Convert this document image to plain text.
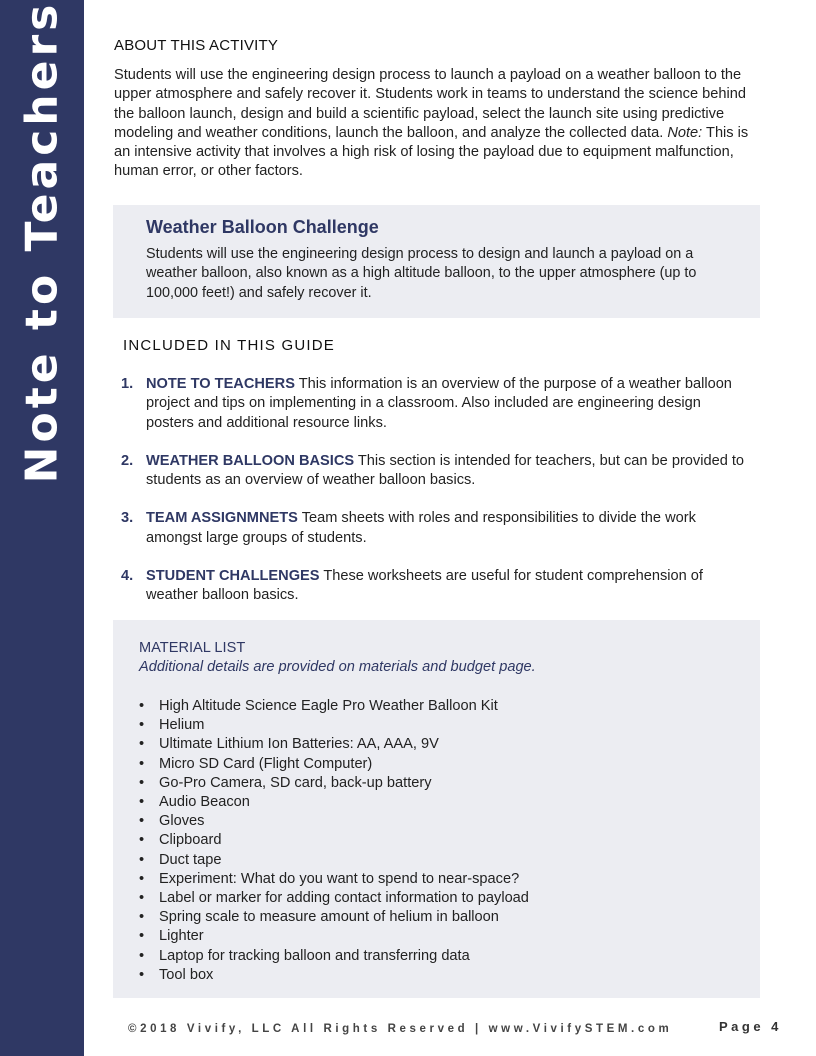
Note to Teachers	ABOUT THIS ACTIVITY

Students will use the engineering design process to launch a payload on a weather balloon to the upper atmosphere and safely recover it. Students work in teams to understand the science behind the balloon launch, design and build a scientific payload, select the launch site using predictive modeling and weather conditions, launch the balloon, and analyze the collected data. Note: This is an intensive activity that involves a high risk of losing the payload due to equipment malfunction, human error, or other factors.

Weather Balloon Challenge

Students will use the engineering design process to design and launch a payload on a weather balloon, also known as a high altitude balloon, to the upper atmosphere (up to 100,000 feet!) and safely recover it.

INCLUDED IN THIS GUIDE
1. NOTE TO TEACHERS This information is an overview of the purpose of a weather balloon project and tips on implementing in a classroom. Also included are engineering design posters and additional resource links.
2. WEATHER BALLOON BASICS This section is intended for teachers, but can be provided to students as an overview of weather balloon basics.
3. TEAM ASSIGNMNETS Team sheets with roles and responsibilities to divide the work amongst large groups of students.
4. STUDENT CHALLENGES These worksheets are useful for student comprehension of weather balloon basics.

MATERIAL LIST

Additional details are provided on materials and budget page.

• High Altitude Science Eagle Pro Weather Balloon Kit
• Helium
• Ultimate Lithium Ion Batteries: AA, AAA, 9V
• Micro SD Card (Flight Computer)
• Go-Pro Camera, SD card, back-up battery
• Audio Beacon
• Gloves
• Clipboard
• Duct tape
• Experiment: What do you want to spend to near-space?
• Label or marker for adding contact information to payload
• Spring scale to measure amount of helium in balloon
• Lighter
• Laptop for tracking balloon and transferring data
• Tool box
©2018 Vivify, LLC All Rights Reserved | www.VivifySTEM.com	Page 4
